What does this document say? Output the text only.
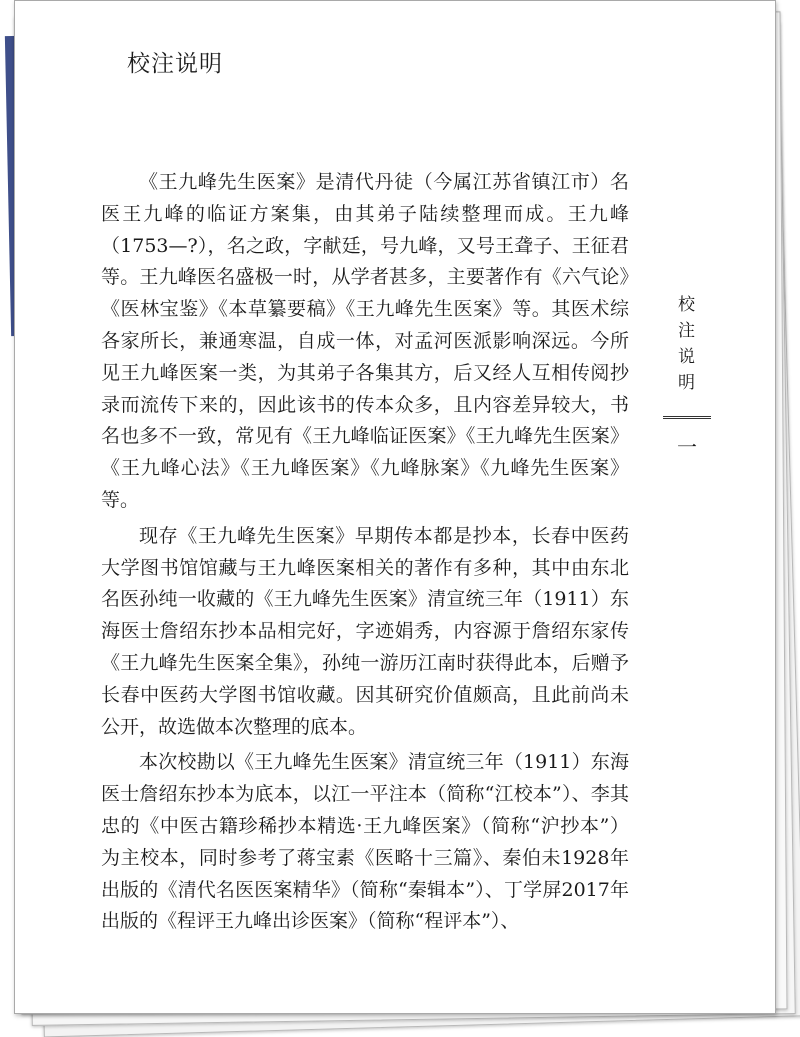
校注说明

《王九峰先生医案》是清代丹徒（今属江苏省镇江市）名医王九峰的临证方案集，由其弟子陆续整理而成。王九峰（1753—?），名之政，字献廷，号九峰，又号王聋子、王征君等。王九峰医名盛极一时，从学者甚多，主要著作有《六气论》《医林宝鉴》《本草纂要稿》《王九峰先生医案》等。其医术综各家所长，兼通寒温，自成一体，对孟河医派影响深远。今所见王九峰医案一类，为其弟子各集其方，后又经人互相传阅抄录而流传下来的，因此该书的传本众多，且内容差异较大，书名也多不一致，常见有《王九峰临证医案》《王九峰先生医案》《王九峰心法》《王九峰医案》《九峰脉案》《九峰先生医案》等。

现存《王九峰先生医案》早期传本都是抄本，长春中医药大学图书馆馆藏与王九峰医案相关的著作有多种，其中由东北名医孙纯一收藏的《王九峰先生医案》清宣统三年（1911）东海医士詹绍东抄本品相完好，字迹娟秀，内容源于詹绍东家传《王九峰先生医案全集》，孙纯一游历江南时获得此本，后赠予长春中医药大学图书馆收藏。因其研究价值颇高，且此前尚未公开，故选做本次整理的底本。

本次校勘以《王九峰先生医案》清宣统三年（1911）东海医士詹绍东抄本为底本，以江一平注本（简称“江校本”）、李其忠的《中医古籍珍稀抄本精选·王九峰医案》（简称“沪抄本”）为主校本，同时参考了蒋宝素《医略十三篇》、秦伯未1928年出版的《清代名医医案精华》（简称“秦辑本”）、丁学屏2017年出版的《程评王九峰出诊医案》（简称“程评本”）、

校注说明
一
